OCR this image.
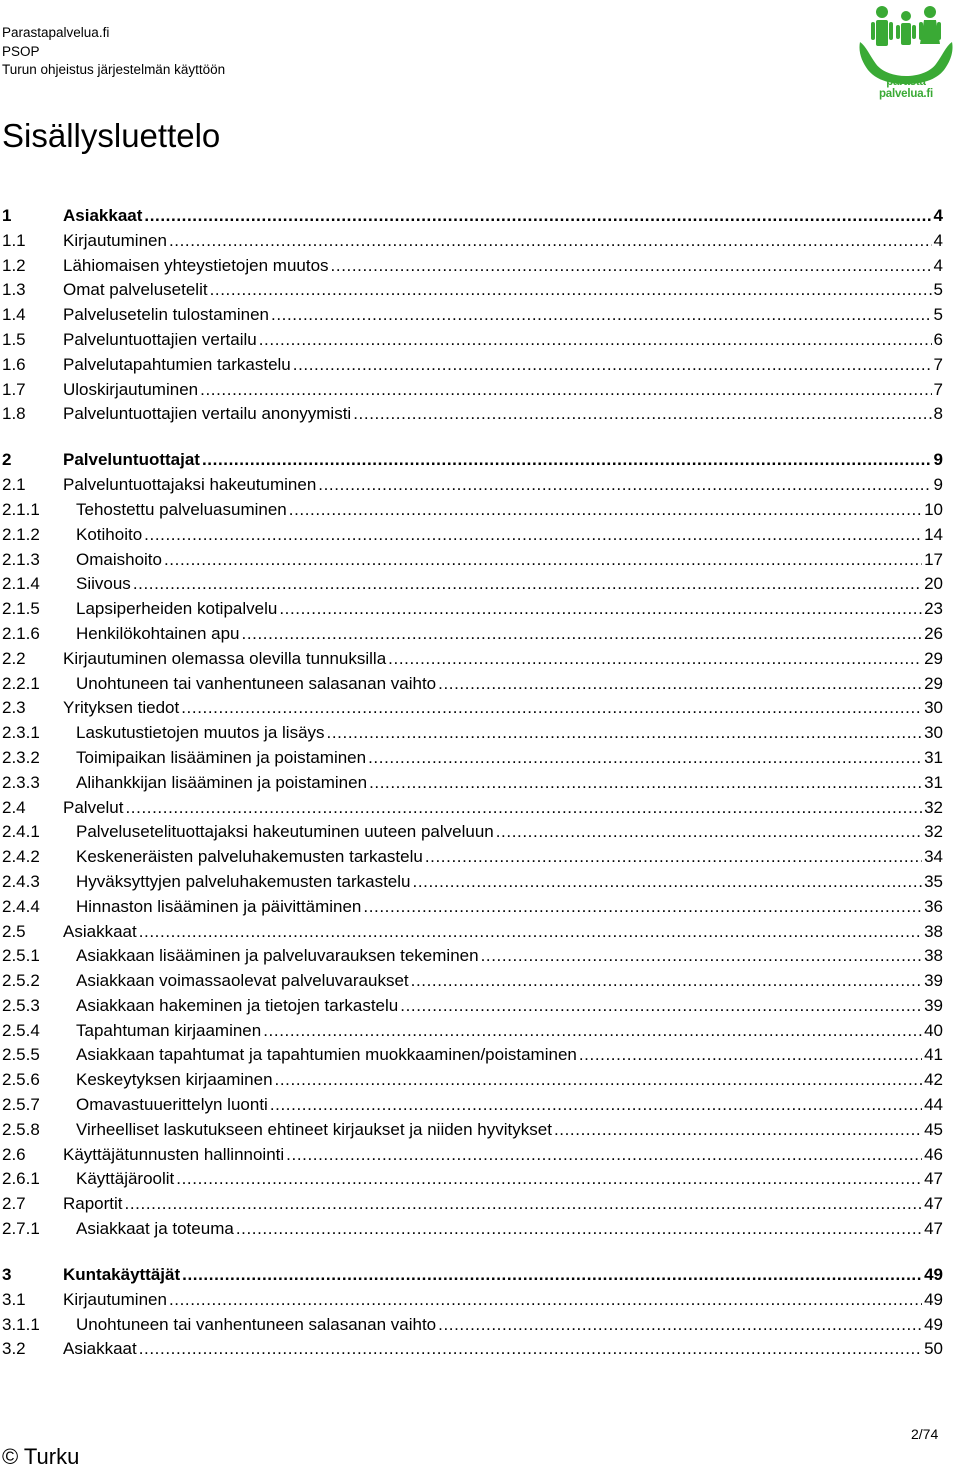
Parastapalvelua.fi
PSOP
Turun ohjeistus järjestelmän käyttöön
parasta palvelua.fi
Sisällysluettelo
1	Asiakkaat .....	4
1.1 Kirjautuminen .....	4
1.2 Lähiomaisen yhteystietojen muutos .....	4
1.3 Omat palvelusetelit .....	5
1.4 Palvelusetelin tulostaminen .....	5
1.5 Palveluntuottajien vertailu .....	6
1.6 Palvelutapahtumien tarkastelu .....	7
1.7 Uloskirjautuminen .....	7
1.8 Palveluntuottajien vertailu anonyymisti .....	8
2	Palveluntuottajat .....	9
2.1 Palveluntuottajaksi hakeutuminen .....	9
2.1.1 Tehostettu palveluasuminen .....	10
2.1.2 Kotihoito .....	14
2.1.3 Omaishoito .....	17
2.1.4 Siivous .....	20
2.1.5 Lapsiperheiden kotipalvelu .....	23
2.1.6 Henkilökohtainen apu .....	26
2.2 Kirjautuminen olemassa olevilla tunnuksilla .....	29
2.2.1 Unohtuneen tai vanhentuneen salasanan vaihto .....	29
2.3 Yrityksen tiedot .....	30
2.3.1 Laskutustietojen muutos ja lisäys .....	30
2.3.2 Toimipaikan lisääminen ja poistaminen .....	31
2.3.3 Alihankkijan lisääminen ja poistaminen .....	31
2.4 Palvelut .....	32
2.4.1 Palvelusetelituottajaksi hakeutuminen uuteen palveluun .....	32
2.4.2 Keskeneräisten palveluhakemusten tarkastelu .....	34
2.4.3 Hyväksyttyjen palveluhakemusten tarkastelu .....	35
2.4.4 Hinnaston lisääminen ja päivittäminen .....	36
2.5 Asiakkaat .....	38
2.5.1 Asiakkaan lisääminen ja palveluvarauksen tekeminen .....	38
2.5.2 Asiakkaan voimassaolevat palveluvaraukset .....	39
2.5.3 Asiakkaan hakeminen ja tietojen tarkastelu .....	39
2.5.4 Tapahtuman kirjaaminen .....	40
2.5.5 Asiakkaan tapahtumat ja tapahtumien muokkaaminen/poistaminen .....	41
2.5.6 Keskeytyksen kirjaaminen .....	42
2.5.7 Omavastuuerittelyn luonti .....	44
2.5.8 Virheelliset laskutukseen ehtineet kirjaukset ja niiden hyvitykset .....	45
2.6 Käyttäjätunnusten hallinnointi .....	46
2.6.1 Käyttäjäroolit .....	47
2.7 Raportit .....	47
2.7.1 Asiakkaat ja toteuma .....	47
3	Kuntakäyttäjät .....	49
3.1 Kirjautuminen .....	49
3.1.1 Unohtuneen tai vanhentuneen salasanan vaihto .....	49
3.2 Asiakkaat .....	50
© Turku
2/74
